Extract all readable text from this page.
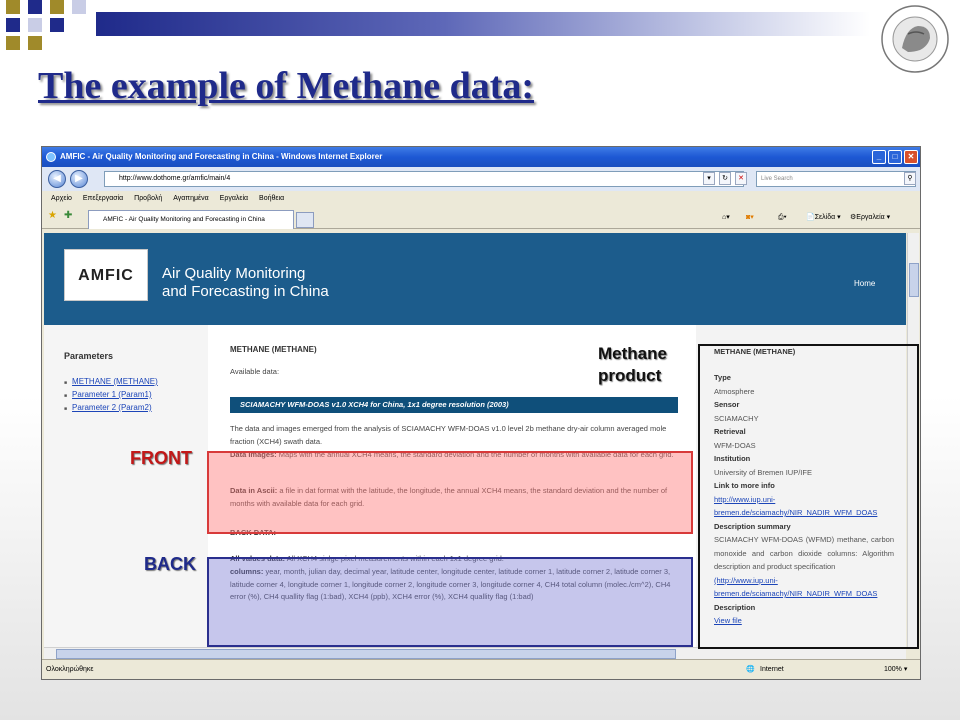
The example of Methane data:
AMFIC - Air Quality Monitoring and Forecasting in China - Windows Internet Explorer	_	□	✕
◀	▶	http://www.dothome.gr/amfic/main/4	▾	↻	✕	Live Search	⚲
Αρχείο Επεξεργασία Προβολή Αγαπημένα Εργαλεία Βοήθεια
★ ✚	AMFIC - Air Quality Monitoring and Forecasting in China	⌂▾ ◙▾	⎙▾	📄Σελίδα ▾ ⚙Εργαλεία ▾
AMFIC	Air Quality Monitoring
and Forecasting in China	Home
Parameters
■ METHANE (METHANE)
■ Parameter 1 (Param1)
■ Parameter 2 (Param2)
METHANE (METHANE)
Available data:
SCIAMACHY WFM-DOAS v1.0 XCH4 for China, 1x1 degree resolution (2003)
The data and images emerged from the analysis of SCIAMACHY WFM-DOAS v1.0 level 2b methane dry-air column averaged mole fraction (XCH4) swath data.
Data Images: Maps with the annual XCH4 means, the standard deviation and the number of months with available data for each grid.
Data in Ascii: a file in dat format with the latitude, the longitude, the annual XCH4 means, the standard deviation and the number of months with available data for each grid.
BACK DATA:
All values data: All XCH4 sinlge pixel measurements within each 1x1 degree grid.
columns: year, month, julian day, decimal year, latitude center, longitude center, latitude corner 1, latitude corner 2, latitude corner 3, latitude corner 4, longitude corner 1, longitude corner 2, longitude corner 3, longitude corner 4, CH4 total column (molec./cm^2), CH4 error (%), CH4 quallity flag (1:bad), XCH4 (ppb), XCH4 error (%), XCH4 quallity flag (1:bad)
METHANE (METHANE)
Type
Atmosphere
Sensor
SCIAMACHY
Retrieval
WFM-DOAS
Institution
University of Bremen IUP/IFE
Link to more info
http://www.iup.uni-
bremen.de/sciamachy/NIR_NADIR_WFM_DOAS
Description summary
SCIAMACHY WFM-DOAS (WFMD) methane, carbon monoxide and carbon dioxide columns: Algorithm description and product specification
(http://www.iup.uni-
bremen.de/sciamachy/NIR_NADIR_WFM_DOAS
Description
View file
Ολοκληρώθηκε	🌐 Internet	100% ▾
FRONT
BACK
Methane
product
